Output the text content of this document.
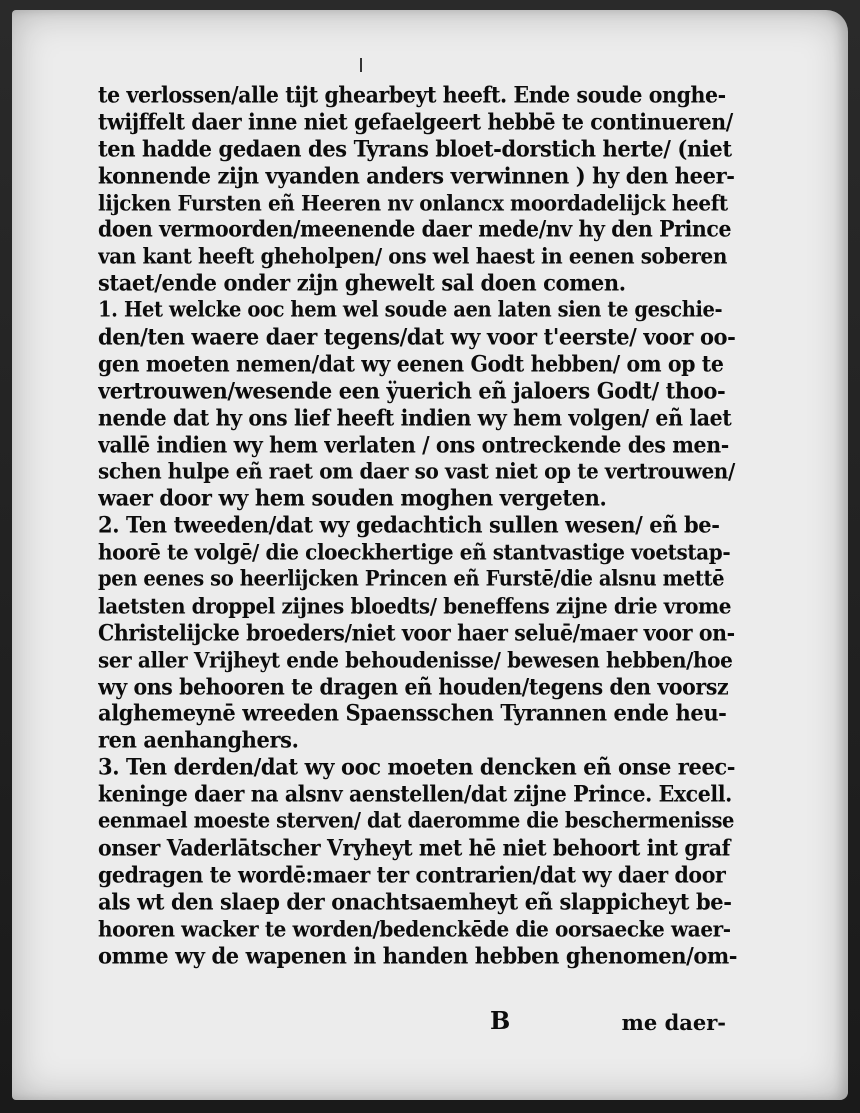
te verlossen/alle tijt ghearbeyt heeft. Ende soude onghe-
twijffelt daer inne niet gefaelgeert hebbē te continueren/
ten hadde gedaen des Tyrans bloet-dorstich herte/ (niet
konnende zijn vyanden anders verwinnen ) hy den heer-
lijcken Fursten eñ Heeren nv onlancx moordadelijck heeft
doen vermoorden/meenende daer mede/nv hy den Prince
van kant heeft gheholpen/ ons wel haest in eenen soberen
staet/ende onder zijn ghewelt sal doen comen.
1. Het welcke ooc hem wel soude aen laten sien te geschie-
den/ten waere daer tegens/dat wy voor t'eerste/ voor oo-
gen moeten nemen/dat wy eenen Godt hebben/ om op te
vertrouwen/wesende een ÿuerich eñ jaloers Godt/ thoo-
nende dat hy ons lief heeft indien wy hem volgen/ eñ laet
vallē indien wy hem verlaten / ons ontreckende des men-
schen hulpe eñ raet om daer so vast niet op te vertrouwen/
waer door wy hem souden moghen vergeten.
2. Ten tweeden/dat wy gedachtich sullen wesen/ eñ be-
hoorē te volgē/ die cloeckhertige eñ stantvastige voetstap-
pen eenes so heerlijcken Princen eñ Furstē/die alsnu mettē
laetsten droppel zijnes bloedts/ beneffens zijne drie vrome
Christelijcke broeders/niet voor haer seluē/maer voor on-
ser aller Vrijheyt ende behoudenisse/ bewesen hebben/hoe
wy ons behooren te dragen eñ houden/tegens den voorsz
alghemeynē wreeden Spaensschen Tyrannen ende heu-
ren aenhanghers.
3. Ten derden/dat wy ooc moeten dencken eñ onse reec-
keninge daer na alsnv aenstellen/dat zijne Prince. Excell.
eenmael moeste sterven/ dat daeromme die beschermenisse
onser Vaderlātscher Vryheyt met hē niet behoort int graf
gedragen te wordē:maer ter contrarien/dat wy daer door
als wt den slaep der onachtsaemheyt eñ slappicheyt be-
hooren wacker te worden/bedenckēde die oorsaecke waer-
omme wy de wapenen in handen hebben ghenomen/om-
B	me daer-
